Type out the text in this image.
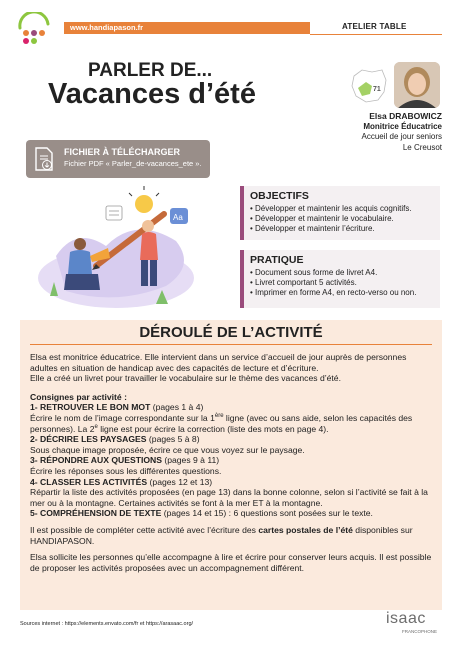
www.handiapason.fr	ATELIER TABLE
PARLER DE...
Vacances d’été	71
Elsa DRABOWICZ
Monitrice Éducatrice
Accueil de jour seniors
Le Creusot
FICHIER À TÉLÉCHARGER
Fichier PDF « Parler_de-vacances_ete ».
Aa
OBJECTIFS
• Développer et maintenir les acquis cognitifs.
• Développer et maintenir le vocabulaire.
• Développer et maintenir l’écriture.
PRATIQUE
• Document sous forme de livret A4.
• Livret comportant 5 activités.
• Imprimer en forme A4, en recto-verso ou non.
DÉROULÉ DE L’ACTIVITÉ

Elsa est monitrice éducatrice. Elle intervient dans un service d’accueil de jour auprès de personnes adultes en situation de handicap avec des capacités de lecture et d’écriture.

Elle a créé un livret pour travailler le vocabulaire sur le thème des vacances d’été.

Consignes par activité :

1- RETROUVER LE BON MOT (pages 1 à 4)

Écrire le nom de l’image correspondante sur la 1ère ligne (avec ou sans aide, selon les capacités des personnes). La 2e ligne est pour écrire la correction (liste des mots en page 4).

2- DÉCRIRE LES PAYSAGES (pages 5 à 8)

Sous chaque image proposée, écrire ce que vous voyez sur le paysage.

3- RÉPONDRE AUX QUESTIONS (pages 9 à 11)

Écrire les réponses sous les différentes questions.

4- CLASSER LES ACTIVITÉS (pages 12 et 13)

Répartir la liste des activités proposées (en page 13) dans la bonne colonne, selon si l’activité se fait à la mer ou à la montagne. Certaines activités se font à la mer ET à la montagne.

5- COMPRÉHENSION DE TEXTE (pages 14 et 15) : 6 questions sont posées sur le texte.

Il est possible de compléter cette activité avec l’écriture des cartes postales de l’été disponibles sur HANDIAPASON.

Elsa sollicite les personnes qu’elle accompagne à lire et écrire pour conserver leurs acquis. Il est possible de proposer les activités proposées avec un accompagnement différent.

Sources internet : https://elements.envato.com/fr et https://arasaac.org/	isaac
FRANCOPHONE
